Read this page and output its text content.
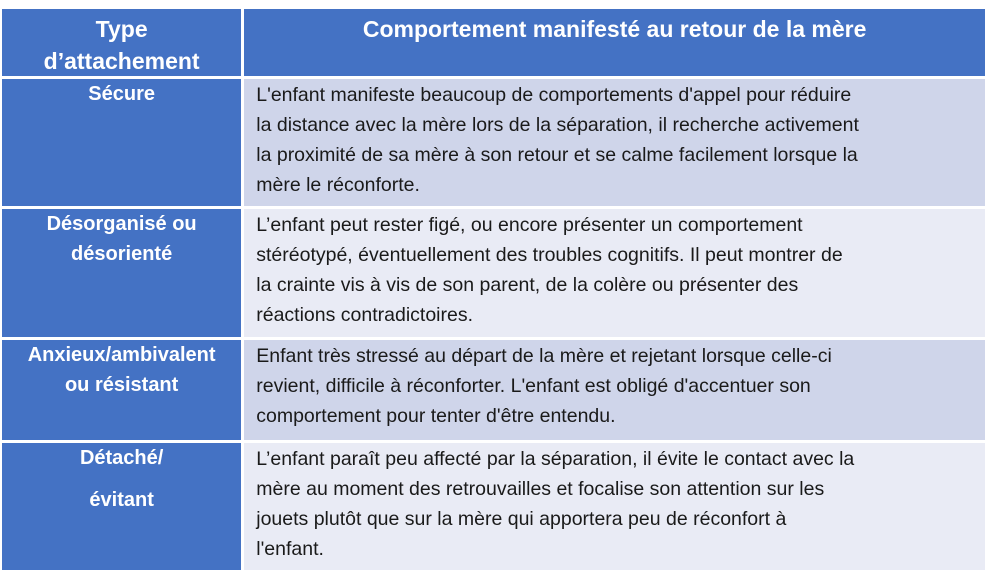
Type
d’attachement
Comportement manifesté au retour de la mère
Sécure	L'enfant manifeste beaucoup de comportements d'appel pour réduire
la distance avec la mère lors de la séparation, il recherche activement
la proximité de sa mère à son retour et se calme facilement lorsque la
mère le réconforte.
Désorganisé ou
désorienté
L’enfant peut rester figé, ou encore présenter un comportement
stéréotypé, éventuellement des troubles cognitifs. Il peut montrer de
la crainte vis à vis de son parent, de la colère ou présenter des
réactions contradictoires.
Anxieux/ambivalent
ou résistant
Enfant très stressé au départ de la mère et rejetant lorsque celle-ci
revient, difficile à réconforter. L'enfant est obligé d'accentuer son
comportement pour tenter d'être entendu.
Détaché/
évitant
L’enfant paraît peu affecté par la séparation, il évite le contact avec la
mère au moment des retrouvailles et focalise son attention sur les
jouets plutôt que sur la mère qui apportera peu de réconfort à
l'enfant.
